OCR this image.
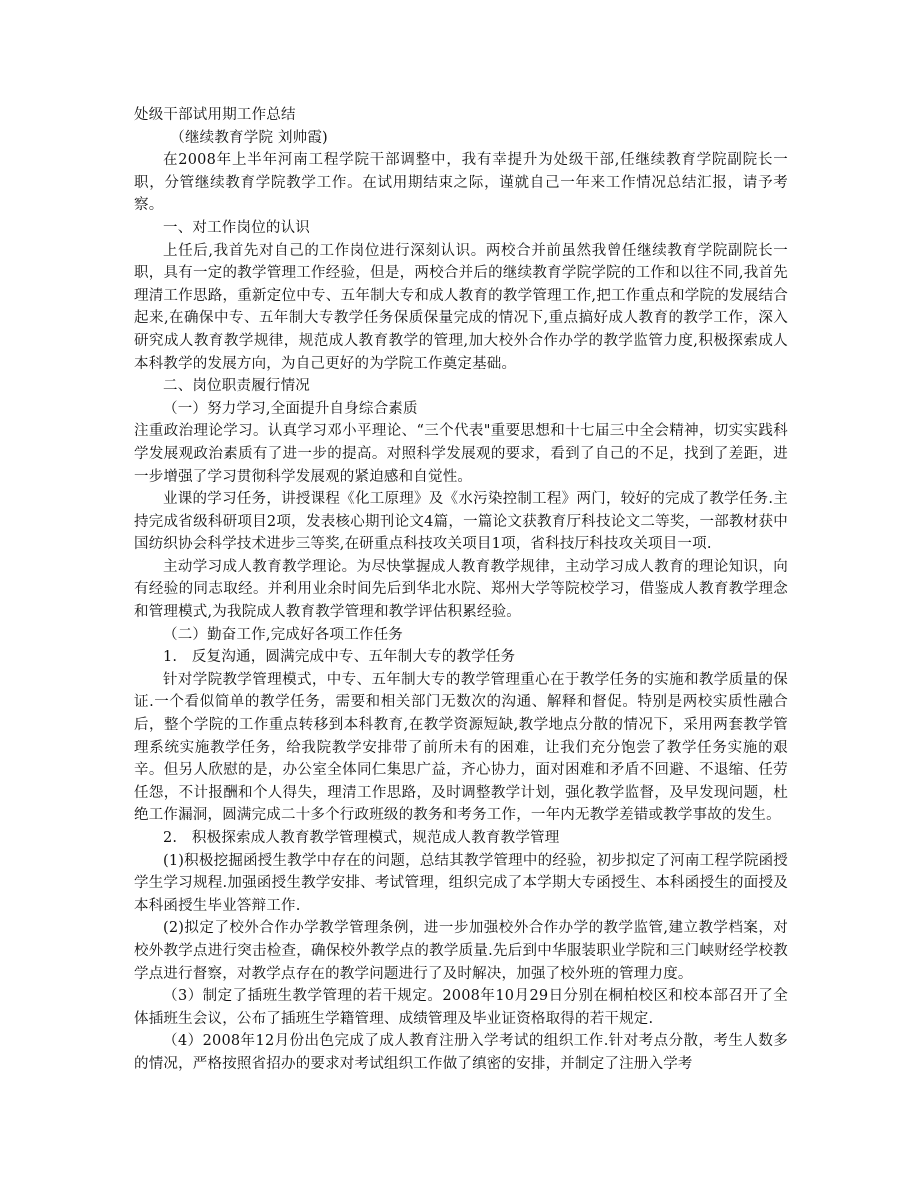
处级干部试用期工作总结

（继续教育学院 刘帅霞)

在2008年上半年河南工程学院干部调整中，我有幸提升为处级干部,任继续教育学院副院长一职，分管继续教育学院教学工作。在试用期结束之际，谨就自己一年来工作情况总结汇报，请予考察。

一、对工作岗位的认识

上任后,我首先对自己的工作岗位进行深刻认识。两校合并前虽然我曾任继续教育学院副院长一职，具有一定的教学管理工作经验，但是，两校合并后的继续教育学院学院的工作和以往不同,我首先理清工作思路，重新定位中专、五年制大专和成人教育的教学管理工作,把工作重点和学院的发展结合起来,在确保中专、五年制大专教学任务保质保量完成的情况下,重点搞好成人教育的教学工作，深入研究成人教育教学规律，规范成人教育教学的管理,加大校外合作办学的教学监管力度,积极探索成人本科教学的发展方向，为自己更好的为学院工作奠定基础。

二、岗位职责履行情况

（一）努力学习,全面提升自身综合素质

注重政治理论学习。认真学习邓小平理论、“三个代表"重要思想和十七届三中全会精神，切实实践科学发展观政治素质有了进一步的提高。对照科学发展观的要求，看到了自己的不足，找到了差距，进一步增强了学习贯彻科学发展观的紧迫感和自觉性。

业课的学习任务，讲授课程《化工原理》及《水污染控制工程》两门，较好的完成了教学任务.主持完成省级科研项目2项，发表核心期刊论文4篇，一篇论文获教育厅科技论文二等奖，一部教材获中国纺织协会科学技术进步三等奖,在研重点科技攻关项目1项，省科技厅科技攻关项目一项.

主动学习成人教育教学理论。为尽快掌握成人教育教学规律，主动学习成人教育的理论知识，向有经验的同志取经。并利用业余时间先后到华北水院、郑州大学等院校学习，借鉴成人教育教学理念和管理模式,为我院成人教育教学管理和教学评估积累经验。

（二）勤奋工作,完成好各项工作任务

1.　反复沟通，圆满完成中专、五年制大专的教学任务

针对学院教学管理模式，中专、五年制大专的教学管理重心在于教学任务的实施和教学质量的保证.一个看似简单的教学任务，需要和相关部门无数次的沟通、解释和督促。特别是两校实质性融合后，整个学院的工作重点转移到本科教育,在教学资源短缺,教学地点分散的情况下，采用两套教学管理系统实施教学任务，给我院教学安排带了前所未有的困难，让我们充分饱尝了教学任务实施的艰辛。但另人欣慰的是，办公室全体同仁集思广益，齐心协力，面对困难和矛盾不回避、不退缩、任劳任怨，不计报酬和个人得失，理清工作思路，及时调整教学计划，强化教学监督，及早发现问题，杜绝工作漏洞，圆满完成二十多个行政班级的教务和考务工作，一年内无教学差错或教学事故的发生。

2.　积极探索成人教育教学管理模式，规范成人教育教学管理

(1)积极挖掘函授生教学中存在的问题，总结其教学管理中的经验，初步拟定了河南工程学院函授学生学习规程.加强函授生教学安排、考试管理，组织完成了本学期大专函授生、本科函授生的面授及本科函授生毕业答辩工作.

(2)拟定了校外合作办学教学管理条例，进一步加强校外合作办学的教学监管,建立教学档案，对校外教学点进行突击检查，确保校外教学点的教学质量.先后到中华服装职业学院和三门峡财经学校教学点进行督察，对教学点存在的教学问题进行了及时解决，加强了校外班的管理力度。

（3）制定了插班生教学管理的若干规定。2008年10月29日分别在桐柏校区和校本部召开了全体插班生会议，公布了插班生学籍管理、成绩管理及毕业证资格取得的若干规定.

（4）2008年12月份出色完成了成人教育注册入学考试的组织工作.针对考点分散，考生人数多的情况，严格按照省招办的要求对考试组织工作做了缜密的安排，并制定了注册入学考
